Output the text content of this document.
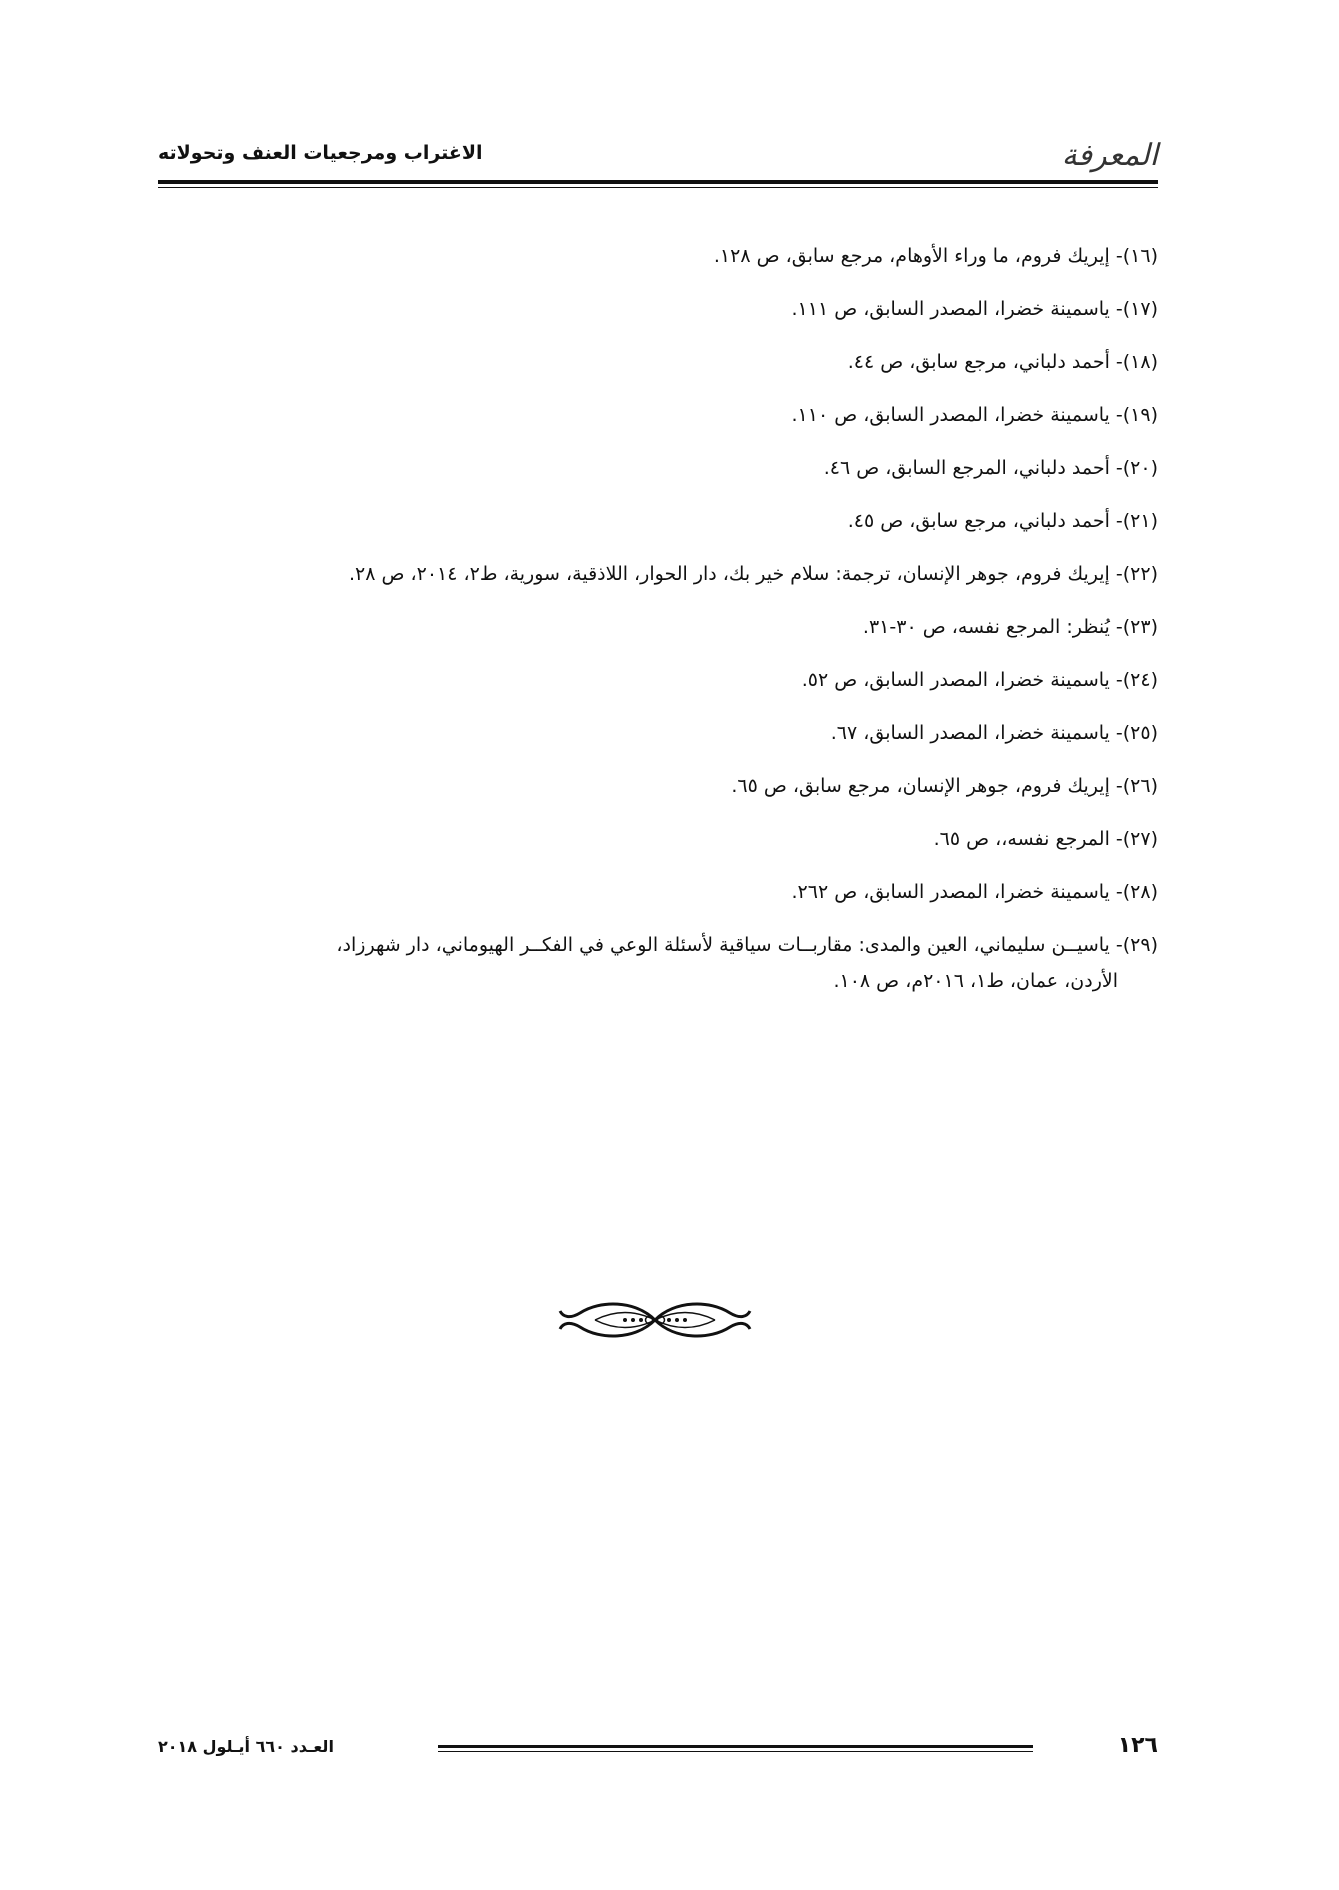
المعرفة
الاغتراب ومرجعيات العنف وتحولاته
(١٦)- إيريك فروم، ما وراء الأوهام، مرجع سابق، ص ١٢٨.
(١٧)- ياسمينة خضرا، المصدر السابق، ص ١١١.
(١٨)- أحمد دلباني، مرجع سابق، ص ٤٤.
(١٩)- ياسمينة خضرا، المصدر السابق، ص ١١٠.
(٢٠)- أحمد دلباني، المرجع السابق، ص ٤٦.
(٢١)- أحمد دلباني، مرجع سابق، ص ٤٥.
(٢٢)- إيريك فروم، جوهر الإنسان، ترجمة: سلام خير بك، دار الحوار، اللاذقية، سورية، ط٢، ٢٠١٤، ص ٢٨.
(٢٣)- يُنظر: المرجع نفسه، ص ٣٠-٣١.
(٢٤)- ياسمينة خضرا، المصدر السابق، ص ٥٢.
(٢٥)- ياسمينة خضرا، المصدر السابق، ٦٧.
(٢٦)- إيريك فروم، جوهر الإنسان، مرجع سابق، ص ٦٥.
(٢٧)- المرجع نفسه،، ص ٦٥.
(٢٨)- ياسمينة خضرا، المصدر السابق، ص ٢٦٢.
(٢٩)- ياسيــن سليماني، العين والمدى: مقاربــات سياقية لأسئلة الوعي في الفكــر الهيوماني، دار شهرزاد،
الأردن، عمان، ط١، ٢٠١٦م، ص ١٠٨.
١٢٦
العـدد ٦٦٠ أيـلول ٢٠١٨
